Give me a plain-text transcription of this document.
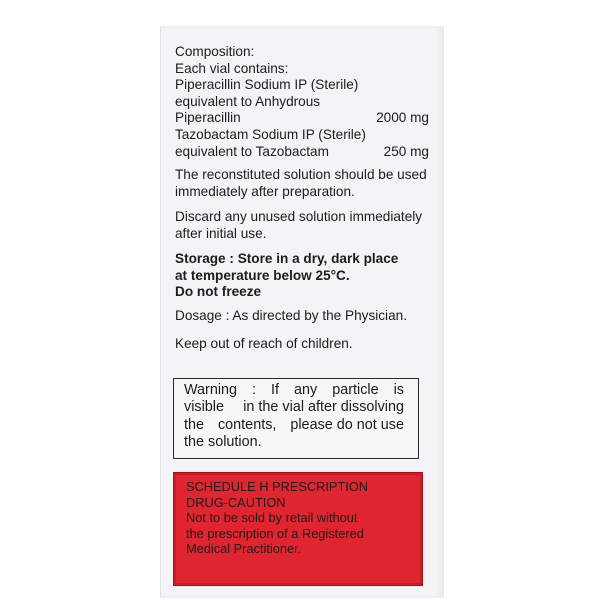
Composition:
Each vial contains:
Piperacillin Sodium IP (Sterile)
equivalent to Anhydrous
Piperacillin	2000 mg
Tazobactam Sodium IP (Sterile)
equivalent to Tazobactam	250 mg
The reconstituted solution should be used
immediately after preparation.
Discard any unused solution immediately
after initial use.
Storage : Store in a dry, dark place
at temperature below 25°C.
Do not freeze
Dosage : As directed by the Physician.
Keep out of reach of children.
Warning : If any particle is
visible in the vial after dissolving
the contents, please do not use
the solution.
SCHEDULE H PRESCRIPTION
DRUG-CAUTION
Not to be sold by retail without
the prescription of a Registered
Medical Practitioner.
